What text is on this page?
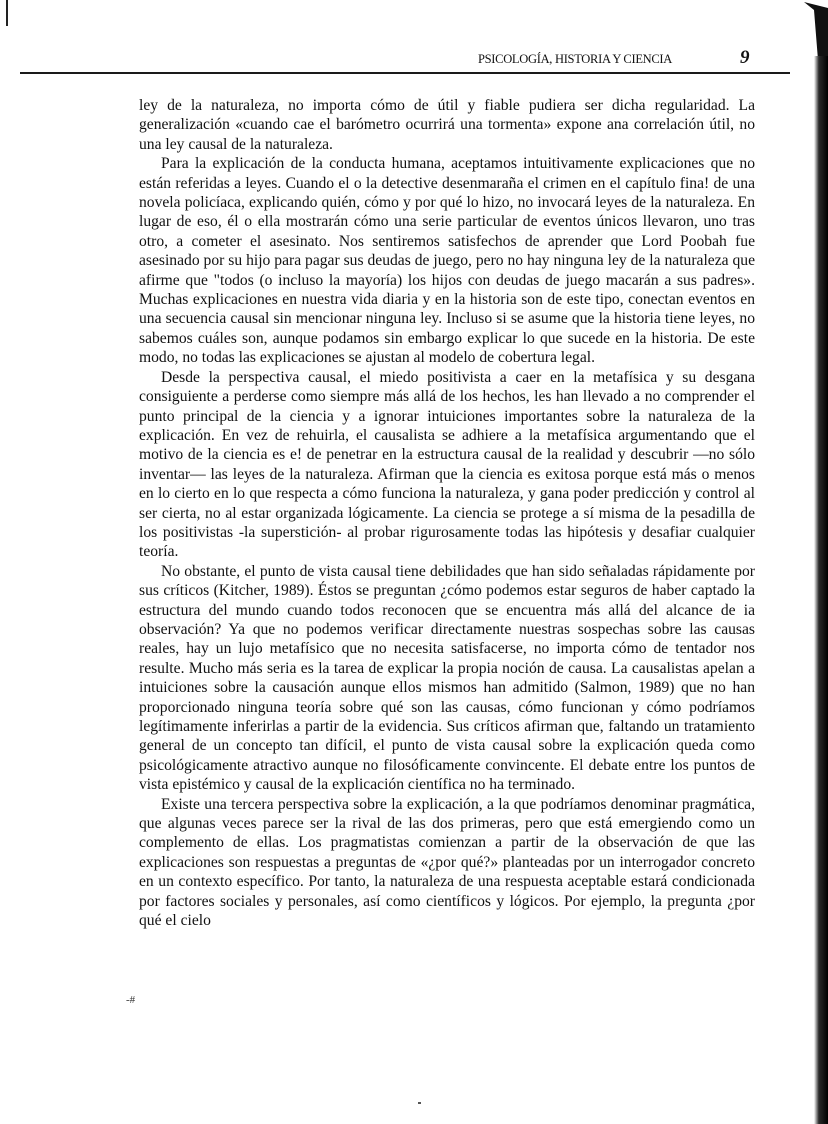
PSICOLOGÍA, HISTORIA Y CIENCIA	9

ley de la naturaleza, no importa cómo de útil y fiable pudiera ser dicha regularidad. La generalización «cuando cae el barómetro ocurrirá una tormenta» expone ana correlación útil, no una ley causal de la naturaleza.

Para la explicación de la conducta humana, aceptamos intuitivamente explicaciones que no están referidas a leyes. Cuando el o la detective desenmaraña el crimen en el capítulo fina! de una novela policíaca, explicando quién, cómo y por qué lo hizo, no invocará leyes de la naturaleza. En lugar de eso, él o ella mostrarán cómo una serie particular de eventos únicos llevaron, uno tras otro, a cometer el asesinato. Nos sentiremos satisfechos de aprender que Lord Poobah fue asesinado por su hijo para pagar sus deudas de juego, pero no hay ninguna ley de la naturaleza que afirme que "todos (o incluso la mayoría) los hijos con deudas de juego macarán a sus padres». Muchas explicaciones en nuestra vida diaria y en la historia son de este tipo, conectan eventos en una secuencia causal sin mencionar ninguna ley. Incluso si se asume que la historia tiene leyes, no sabemos cuáles son, aunque podamos sin embargo explicar lo que sucede en la historia. De este modo, no todas las explicaciones se ajustan al modelo de cobertura legal.

Desde la perspectiva causal, el miedo positivista a caer en la metafísica y su desgana consiguiente a perderse como siempre más allá de los hechos, les han llevado a no comprender el punto principal de la ciencia y a ignorar intuiciones importantes sobre la naturaleza de la explicación. En vez de rehuirla, el causalista se adhiere a la metafísica argumentando que el motivo de la ciencia es e! de penetrar en la estructura causal de la realidad y descubrir —no sólo inventar— las leyes de la naturaleza. Afirman que la ciencia es exitosa porque está más o menos en lo cierto en lo que respecta a cómo funciona la naturaleza, y gana poder predicción y control al ser cierta, no al estar organizada lógicamente. La ciencia se protege a sí misma de la pesadilla de los positivistas -la superstición- al probar rigurosamente todas las hipótesis y desafiar cualquier teoría.

No obstante, el punto de vista causal tiene debilidades que han sido señaladas rápidamente por sus críticos (Kitcher, 1989). Éstos se preguntan ¿cómo podemos estar seguros de haber captado la estructura del mundo cuando todos reconocen que se encuentra más allá del alcance de ia observación? Ya que no podemos verificar directamente nuestras sospechas sobre las causas reales, hay un lujo metafísico que no necesita satisfacerse, no importa cómo de tentador nos resulte. Mucho más seria es la tarea de explicar la propia noción de causa. La causalistas apelan a intuiciones sobre la causación aunque ellos mismos han admitido (Salmon, 1989) que no han proporcionado ninguna teoría sobre qué son las causas, cómo funcionan y cómo podríamos legítimamente inferirlas a partir de la evidencia. Sus críticos afirman que, faltando un tratamiento general de un concepto tan difícil, el punto de vista causal sobre la explicación queda como psicológicamente atractivo aunque no filosóficamente convincente. El debate entre los puntos de vista epistémico y causal de la explicación científica no ha terminado.

Existe una tercera perspectiva sobre la explicación, a la que podríamos denominar pragmática, que algunas veces parece ser la rival de las dos primeras, pero que está emergiendo como un complemento de ellas. Los pragmatistas comienzan a partir de la observación de que las explicaciones son respuestas a preguntas de «¿por qué?» planteadas por un interrogador concreto en un contexto específico. Por tanto, la naturaleza de una respuesta aceptable estará condicionada por factores sociales y personales, así como científicos y lógicos. Por ejemplo, la pregunta ¿por qué el cielo

-#
